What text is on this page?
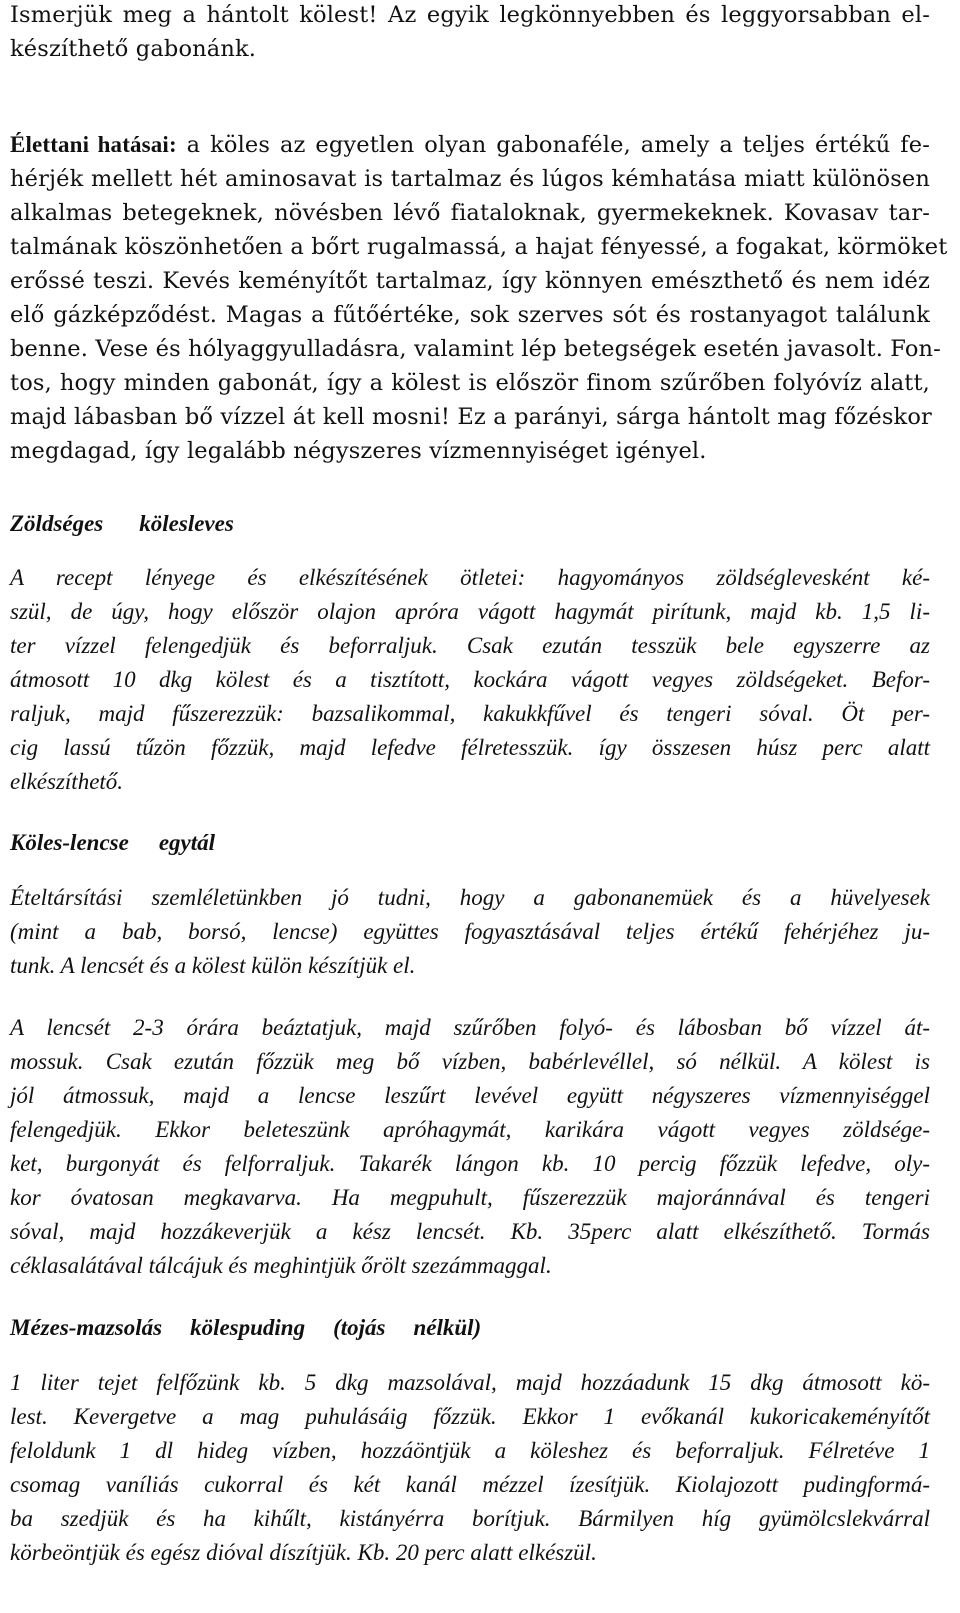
Ismerjük meg a hántolt kölest! Az egyik legkönnyebben és leggyorsabban el-
készíthető gabonánk.
Élettani hatásai: a köles az egyetlen olyan gabonaféle, amely a teljes értékű fe-
hérjék mellett hét aminosavat is tartalmaz és lúgos kémhatása miatt különösen
alkalmas betegeknek, növésben lévő fiataloknak, gyermekeknek. Kovasav tar-
talmának köszönhetően a bőrt rugalmassá, a hajat fényessé, a fogakat, körmöket
erőssé teszi. Kevés keményítőt tartalmaz, így könnyen emészthető és nem idéz
elő gázképződést. Magas a fűtőértéke, sok szerves sót és rostanyagot találunk
benne. Vese és hólyaggyulladásra, valamint lép betegségek esetén javasolt. Fon-
tos, hogy minden gabonát, így a kölest is először finom szűrőben folyóvíz alatt,
majd lábasban bő vízzel át kell mosni! Ez a parányi, sárga hántolt mag főzéskor
megdagad, így legalább négyszeres vízmennyiséget igényel.
Zöldséges kölesleves
A recept lényege és elkészítésének ötletei: hagyományos zöldséglevesként ké-
szül, de úgy, hogy először olajon apróra vágott hagymát pirítunk, majd kb. 1,5 li-
ter vízzel felengedjük és beforraljuk. Csak ezután tesszük bele egyszerre az
átmosott 10 dkg kölest és a tisztított, kockára vágott vegyes zöldségeket. Befor-
raljuk, majd fűszerezzük: bazsalikommal, kakukkfűvel és tengeri sóval. Öt per-
cig lassú tűzön főzzük, majd lefedve félretesszük. így összesen húsz perc alatt
elkészíthető.
Köles-lencse egytál
Ételtársítási szemléletünkben jó tudni, hogy a gabonanemüek és a hüvelyesek
(mint a bab, borsó, lencse) együttes fogyasztásával teljes értékű fehérjéhez ju-
tunk. A lencsét és a kölest külön készítjük el.
A lencsét 2-3 órára beáztatjuk, majd szűrőben folyó- és lábosban bő vízzel át-
mossuk. Csak ezután főzzük meg bő vízben, babérlevéllel, só nélkül. A kölest is
jól átmossuk, majd a lencse leszűrt levével együtt négyszeres vízmennyiséggel
felengedjük. Ekkor beleteszünk apróhagymát, karikára vágott vegyes zöldsége-
ket, burgonyát és felforraljuk. Takarék lángon kb. 10 percig főzzük lefedve, oly-
kor óvatosan megkavarva. Ha megpuhult, fűszerezzük majoránnával és tengeri
sóval, majd hozzákeverjük a kész lencsét. Kb. 35perc alatt elkészíthető. Tormás
céklasalátával tálcájuk és meghintjük őrölt szezámmaggal.
Mézes-mazsolás kölespuding (tojás nélkül)
1 liter tejet felfőzünk kb. 5 dkg mazsolával, majd hozzáadunk 15 dkg átmosott kö-
lest. Kevergetve a mag puhulásáig főzzük. Ekkor 1 evőkanál kukoricakeményítőt
feloldunk 1 dl hideg vízben, hozzáöntjük a köleshez és beforraljuk. Félretéve 1
csomag vaníliás cukorral és két kanál mézzel ízesítjük. Kiolajozott pudingformá-
ba szedjük és ha kihűlt, kistányérra borítjuk. Bármilyen híg gyümölcslekvárral
körbeöntjük és egész dióval díszítjük. Kb. 20 perc alatt elkészül.
